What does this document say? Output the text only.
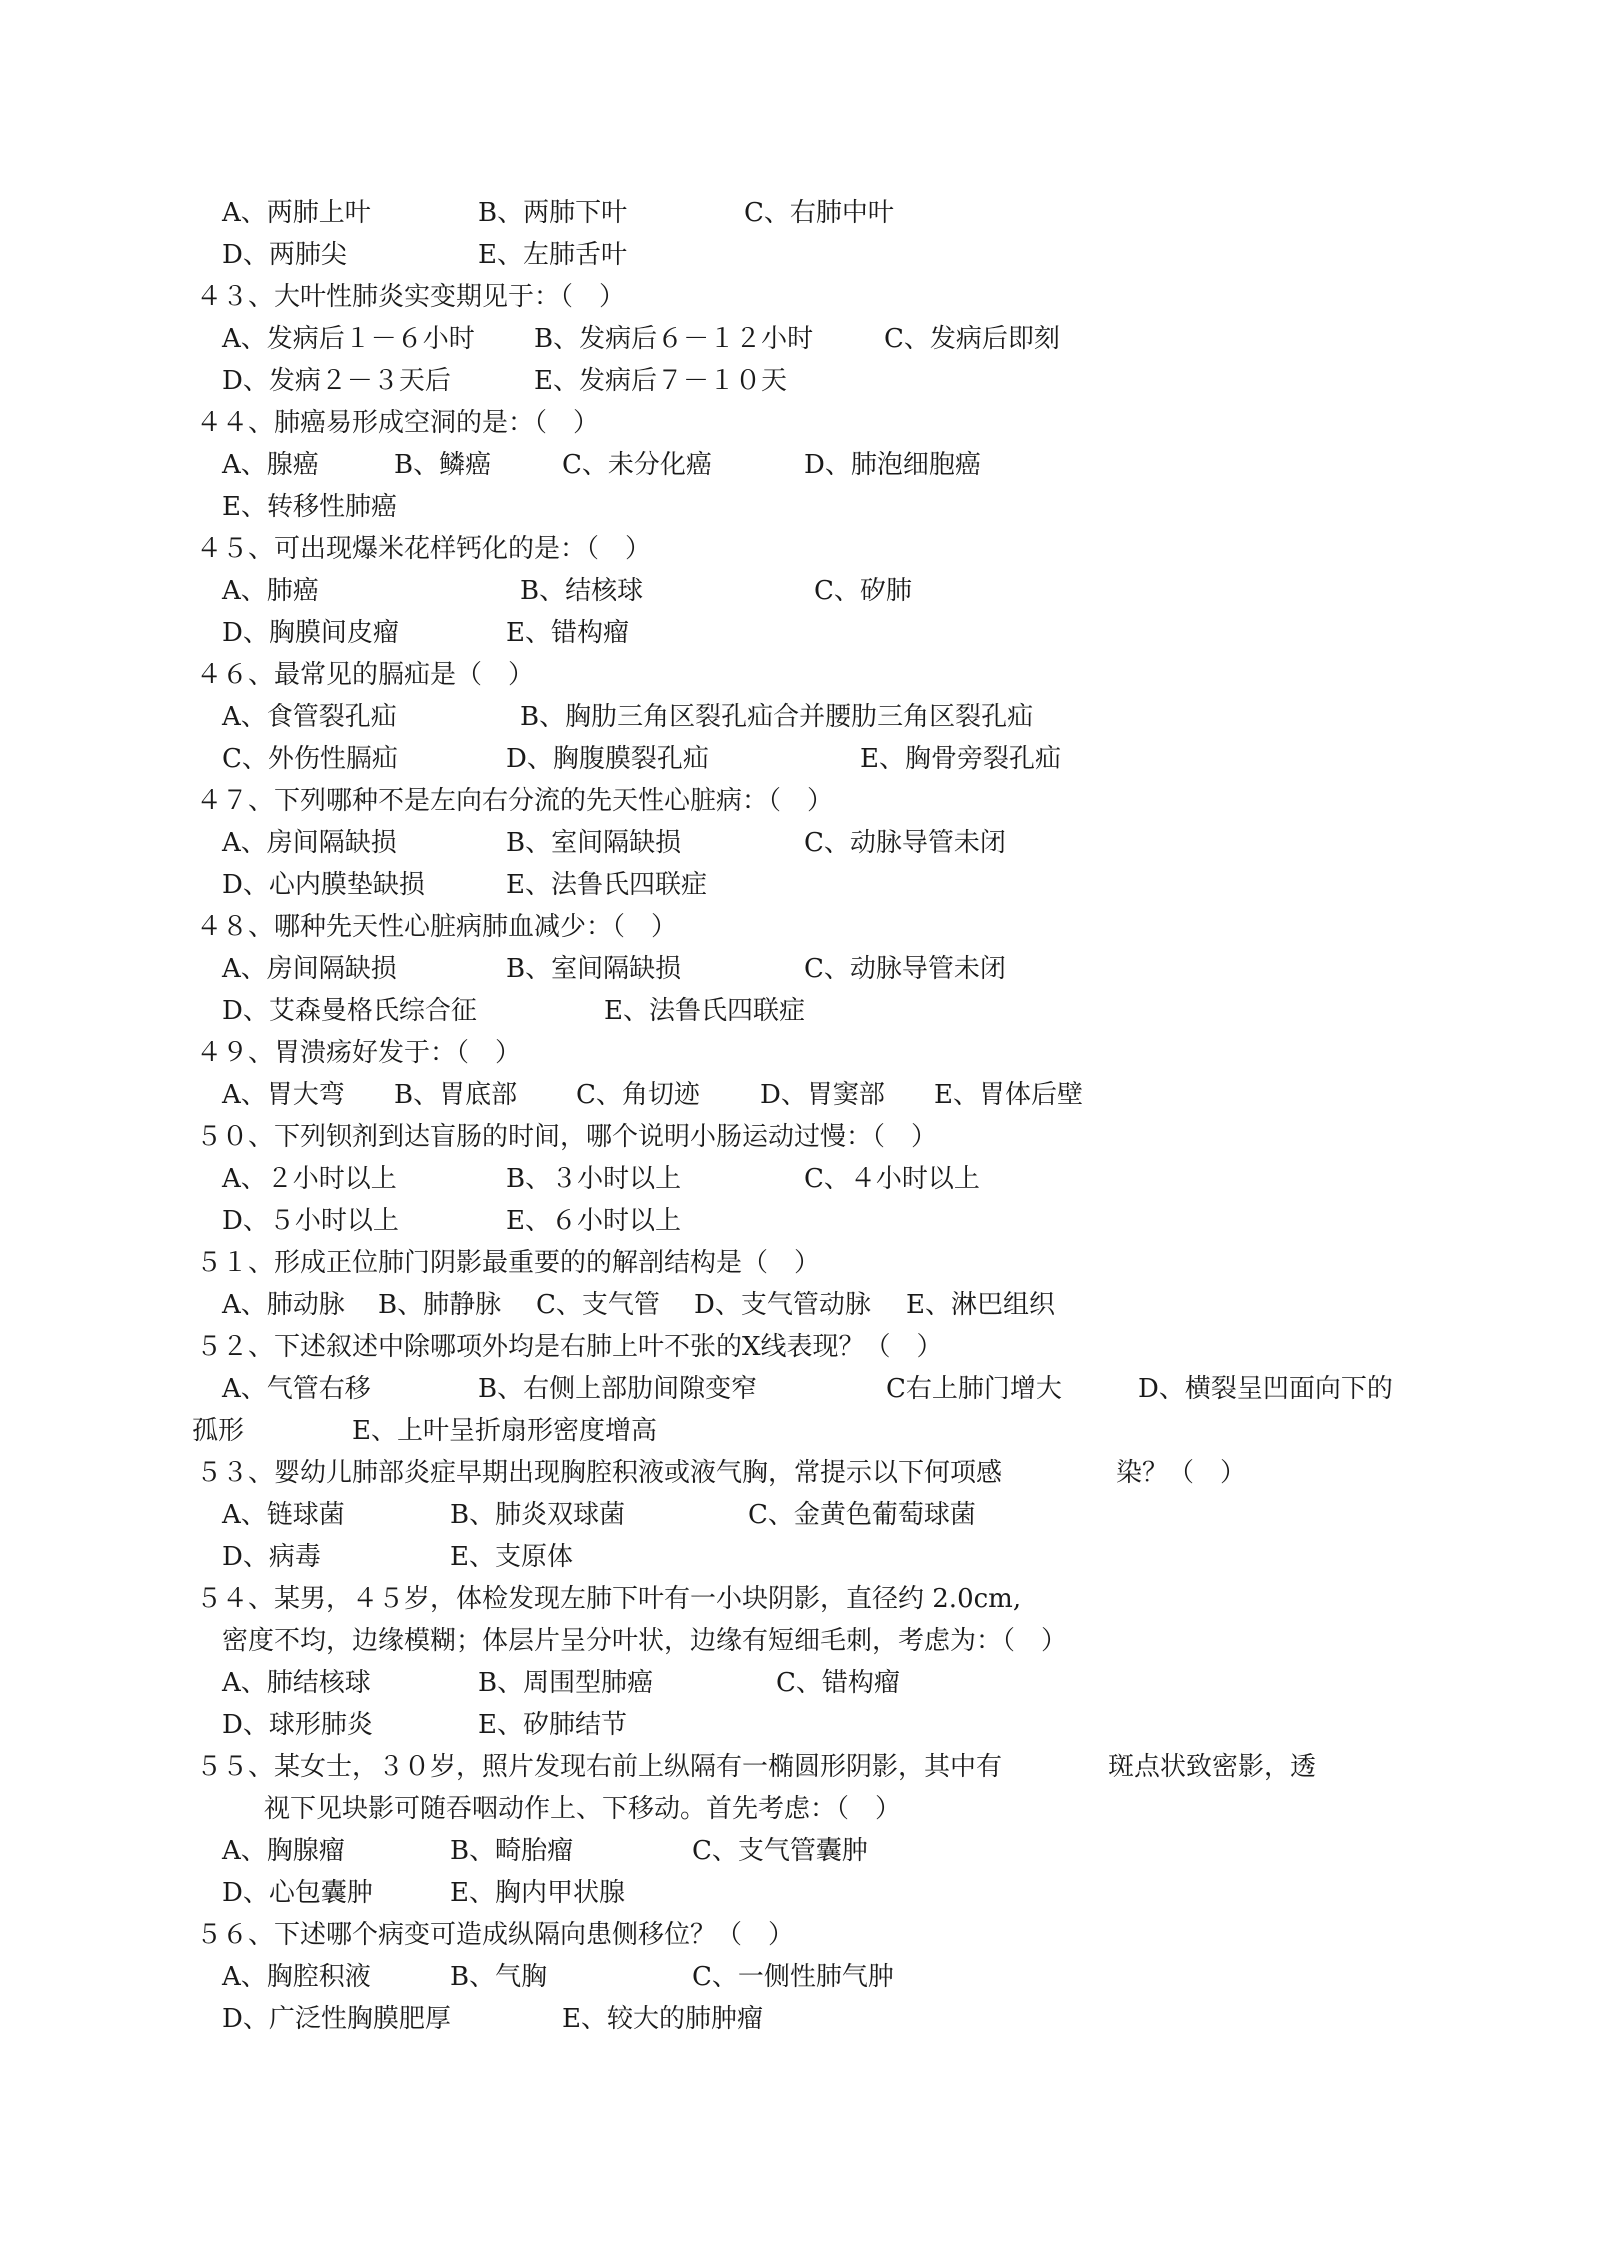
A、两肺上叶	B、两肺下叶	C、右肺中叶
D、两肺尖	E、左肺舌叶
４３、大叶性肺炎实变期见于：（　）
A、发病后１－６小时 B、发病后６－１２小时	C、发病后即刻
D、发病２－３天后	E、发病后７－１０天
４４、肺癌易形成空洞的是：（　）
A、腺癌	B、鳞癌	C、未分化癌	D、肺泡细胞癌
E、转移性肺癌
４５、可出现爆米花样钙化的是：（　）
A、肺癌	B、结核球	C、矽肺
D、胸膜间皮瘤	E、错构瘤
４６、最常见的膈疝是（　）
A、食管裂孔疝	B、胸肋三角区裂孔疝合并腰肋三角区裂孔疝
C、外伤性膈疝	D、胸腹膜裂孔疝	E、胸骨旁裂孔疝
４７、下列哪种不是左向右分流的先天性心脏病：（　）
A、房间隔缺损	B、室间隔缺损	C、动脉导管未闭
D、心内膜垫缺损	E、法鲁氏四联症
４８、哪种先天性心脏病肺血减少：（　）
A、房间隔缺损	B、室间隔缺损	C、动脉导管未闭
D、艾森曼格氏综合征	E、法鲁氏四联症
４９、胃溃疡好发于：（　）
A、胃大弯 B、胃底部 C、角切迹 D、胃窦部 E、胃体后壁
５０、下列钡剂到达盲肠的时间，哪个说明小肠运动过慢：（　）
A、２小时以上	B、３小时以上	C、４小时以上
D、５小时以上	E、６小时以上
５１、形成正位肺门阴影最重要的的解剖结构是（　）
A、肺动脉 B、肺静脉 C、支气管 D、支气管动脉 E、淋巴组织
５２、下述叙述中除哪项外均是右肺上叶不张的X线表现？（　）
A、气管右移	B、右侧上部肋间隙变窄	C右上肺门增大	D、横裂呈凹面向下的
孤形	E、上叶呈折扇形密度增高
５３、婴幼儿肺部炎症早期出现胸腔积液或液气胸，常提示以下何项感	染？（　）
A、链球菌	B、肺炎双球菌	C、金黄色葡萄球菌
D、病毒	E、支原体
５４、某男，４５岁，体检发现左肺下叶有一小块阴影，直径约 2.0cm,
密度不均，边缘模糊；体层片呈分叶状，边缘有短细毛刺，考虑为：（　）
A、肺结核球	B、周围型肺癌	C、错构瘤
D、球形肺炎	E、矽肺结节
５５、某女士，３０岁，照片发现右前上纵隔有一椭圆形阴影，其中有	斑点状致密影，透
视下见块影可随吞咽动作上、下移动。首先考虑：（　）
A、胸腺瘤	B、畸胎瘤	C、支气管囊肿
D、心包囊肿	E、胸内甲状腺
５６、下述哪个病变可造成纵隔向患侧移位？（　）
A、胸腔积液	B、气胸	C、一侧性肺气肿
D、广泛性胸膜肥厚	E、较大的肺肿瘤
